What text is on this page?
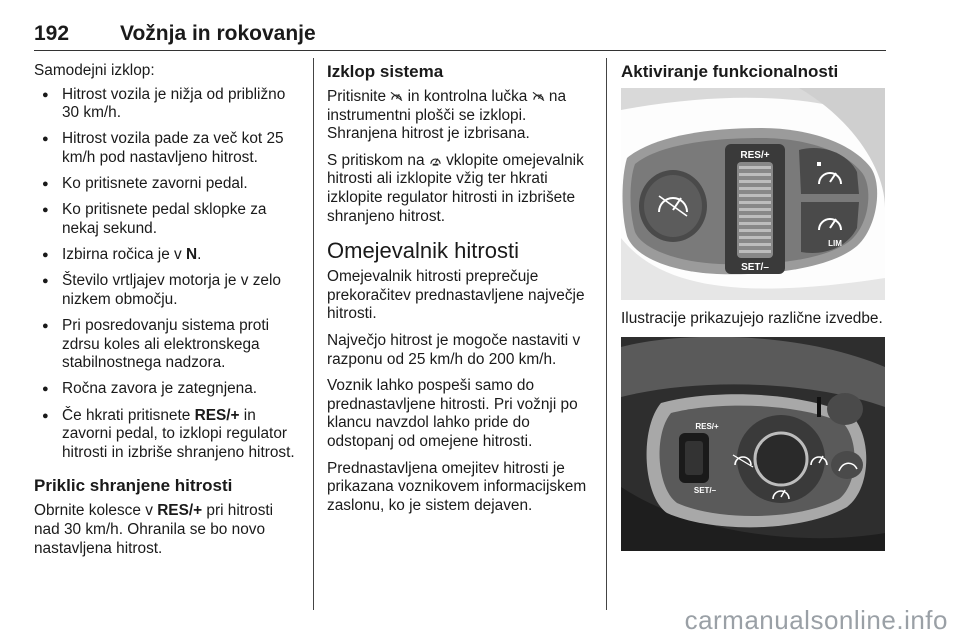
192 Vožnja in rokovanje

Samodejni izklop:

● Hitrost vozila je nižja od približno 30 km/h.
● Hitrost vozila pade za več kot 25 km/h pod nastavljeno hitrost.
● Ko pritisnete zavorni pedal.
● Ko pritisnete pedal sklopke za nekaj sekund.
● Izbirna ročica je v N.
● Število vrtljajev motorja je v zelo nizkem območju.
● Pri posredovanju sistema proti zdrsu koles ali elektronskega stabilnostnega nadzora.
● Ročna zavora je zategnjena.
● Če hkrati pritisnete RES/+ in zavorni pedal, to izklopi regulator hitrosti in izbriše shranjeno hitrost.
Priklic shranjene hitrosti

Obrnite kolesce v RES/+ pri hitrosti nad 30 km/h. Ohranila se bo novo nastavljena hitrost.

Izklop sistema

Pritisnite  in kontrolna lučka  na instrumentni plošči se izklopi. Shranjena hitrost je izbrisana.

S pritiskom na  vklopite omejevalnik hitrosti ali izklopite vžig ter hkrati izklopite regulator hitrosti in izbrišete shranjeno hitrost.

Omejevalnik hitrosti

Omejevalnik hitrosti preprečuje prekoračitev prednastavljene največje hitrosti.

Največjo hitrost je mogoče nastaviti v razponu od 25 km/h do 200 km/h.

Voznik lahko pospeši samo do prednastavljene hitrosti. Pri vožnji po klancu navzdol lahko pride do odstopanj od omejene hitrosti.

Prednastavljena omejitev hitrosti je prikazana voznikovem informacijskem zaslonu, ko je sistem dejaven.

Aktiviranje funkcionalnosti
RES/+
SET/–
LIM

Ilustracije prikazujejo različne izvedbe.

RES/+
SET/–
carmanualsonline.info
